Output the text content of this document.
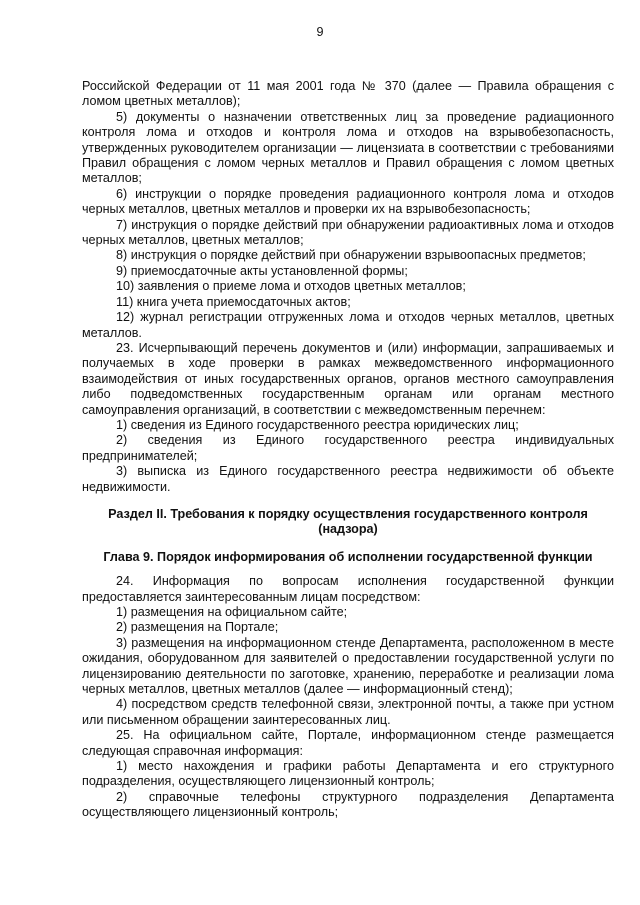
9

Российской Федерации от 11 мая 2001 года № 370 (далее — Правила обращения с ломом цветных металлов);

5) документы о назначении ответственных лиц за проведение радиационного контроля лома и отходов и контроля лома и отходов на взрывобезопасность, утвержденных руководителем организации — лицензиата в соответствии с требованиями Правил обращения с ломом черных металлов и Правил обращения с ломом цветных металлов;

6) инструкции о порядке проведения радиационного контроля лома и отходов черных металлов, цветных металлов и проверки их на взрывобезопасность;

7) инструкция о порядке действий при обнаружении радиоактивных лома и отходов черных металлов, цветных металлов;

8) инструкция о порядке действий при обнаружении взрывоопасных предметов;

9) приемосдаточные акты установленной формы;

10) заявления о приеме лома и отходов цветных металлов;

11) книга учета приемосдаточных актов;

12) журнал регистрации отгруженных лома и отходов черных металлов, цветных металлов.

23. Исчерпывающий перечень документов и (или) информации, запрашиваемых и получаемых в ходе проверки в рамках межведомственного информационного взаимодействия от иных государственных органов, органов местного самоуправления либо подведомственных государственным органам или органам местного самоуправления организаций, в соответствии с межведомственным перечнем:

1) сведения из Единого государственного реестра юридических лиц;

2) сведения из Единого государственного реестра индивидуальных предпринимателей;

3) выписка из Единого государственного реестра недвижимости об объекте недвижимости.

Раздел II. Требования к порядку осуществления государственного контроля (надзора)
Глава 9. Порядок информирования об исполнении государственной функции

24. Информация по вопросам исполнения государственной функции предоставляется заинтересованным лицам посредством:

1) размещения на официальном сайте;

2) размещения на Портале;

3) размещения на информационном стенде Департамента, расположенном в месте ожидания, оборудованном для заявителей о предоставлении государственной услуги по лицензированию деятельности по заготовке, хранению, переработке и реализации лома черных металлов, цветных металлов (далее — информационный стенд);

4) посредством средств телефонной связи, электронной почты, а также при устном или письменном обращении заинтересованных лиц.

25. На официальном сайте, Портале, информационном стенде размещается следующая справочная информация:

1) место нахождения и графики работы Департамента и его структурного подразделения, осуществляющего лицензионный контроль;

2) справочные телефоны структурного подразделения Департамента осуществляющего лицензионный контроль;
